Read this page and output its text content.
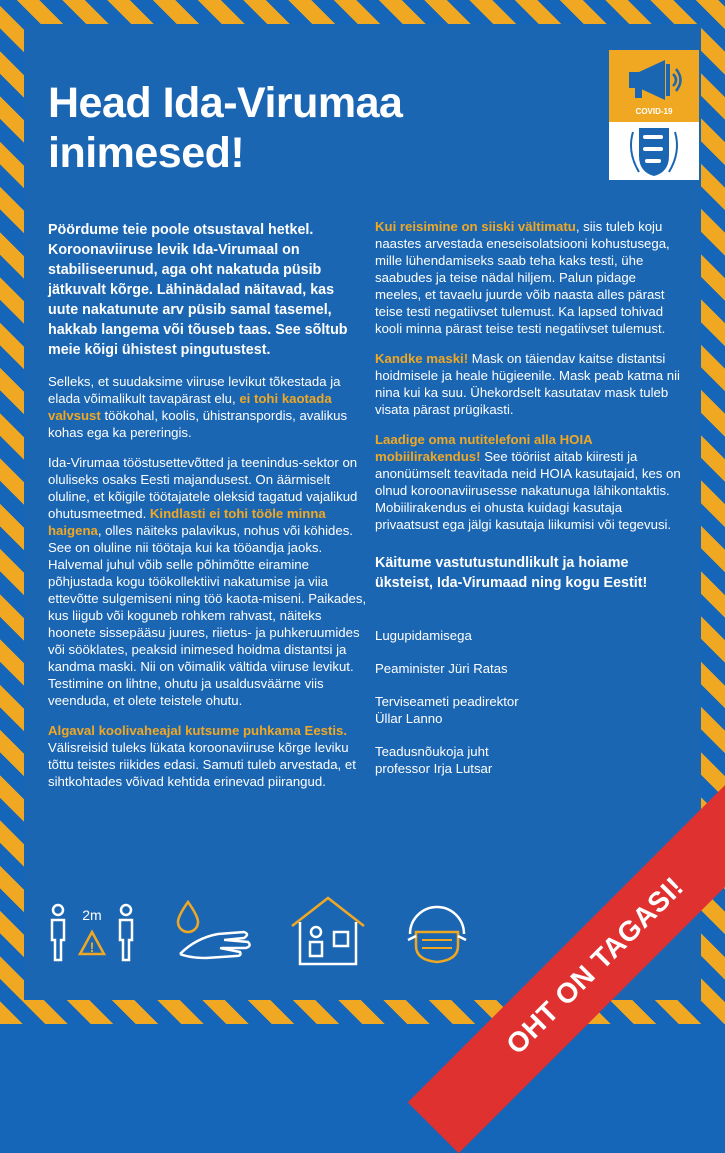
Head Ida-Virumaa
inimesed!
COVID-19

Pöördume teie poole otsustaval hetkel. Koroonaviiruse levik Ida-Virumaal on stabiliseerunud, aga oht nakatuda püsib jätkuvalt kõrge. Lähinädalad näitavad, kas uute nakatunute arv püsib samal tasemel, hakkab langema või tõuseb taas. See sõltub meie kõigi ühistest pingutustest.

Selleks, et suudaksime viiruse levikut tõkestada ja elada võimalikult tavapärast elu, ei tohi kaotada valvsust töökohal, koolis, ühistranspordis, avalikus kohas ega ka pereringis.

Ida-Virumaa tööstusettevõtted ja teenindus-sektor on oluliseks osaks Eesti majandusest. On äärmiselt oluline, et kõigile töötajatele oleksid tagatud vajalikud ohutusmeetmed. Kindlasti ei tohi tööle minna haigena, olles näiteks palavikus, nohus või köhides. See on oluline nii töötaja kui ka tööandja jaoks. Halvemal juhul võib selle põhimõtte eiramine põhjustada kogu töökollektiivi nakatumise ja viia ettevõtte sulgemiseni ning töö kaota-miseni. Paikades, kus liigub või koguneb rohkem rahvast, näiteks hoonete sissepääsu juures, riietus- ja puhkeruumides või sööklates, peaksid inimesed hoidma distantsi ja kandma maski. Nii on võimalik vältida viiruse levikut. Testimine on lihtne, ohutu ja usaldusväärne viis veenduda, et olete teistele ohutu.

Algaval koolivaheajal kutsume puhkama Eestis. Välisreisid tuleks lükata koroonaviiruse kõrge leviku tõttu teistes riikides edasi. Samuti tuleb arvestada, et sihtkohtades võivad kehtida erinevad piirangud.

Kui reisimine on siiski vältimatu, siis tuleb koju naastes arvestada eneseisolatsiooni kohustusega, mille lühendamiseks saab teha kaks testi, ühe saabudes ja teise nädal hiljem. Palun pidage meeles, et tavaelu juurde võib naasta alles pärast teise testi negatiivset tulemust. Ka lapsed tohivad kooli minna pärast teise testi negatiivset tulemust.

Kandke maski! Mask on täiendav kaitse distantsi hoidmisele ja heale hügieenile. Mask peab katma nii nina kui ka suu. Ühekordselt kasutatav mask tuleb visata pärast prügikasti.

Laadige oma nutitelefoni alla HOIA mobiilirakendus! See tööriist aitab kiiresti ja anonüümselt teavitada neid HOIA kasutajaid, kes on olnud koroonaviirusesse nakatunuga lähikontaktis. Mobiilirakendus ei ohusta kuidagi kasutaja privaatsust ega jälgi kasutaja liikumisi või tegevusi.

Käitume vastutustundlikult ja hoiame üksteist, Ida-Virumaad ning kogu Eestit!

Lugupidamisega

Peaminister Jüri Ratas

Terviseameti peadirektor
Üllar Lanno

Teadusnõukoja juht
professor Irja Lutsar

!
2m	OHT ON TAGASI!
